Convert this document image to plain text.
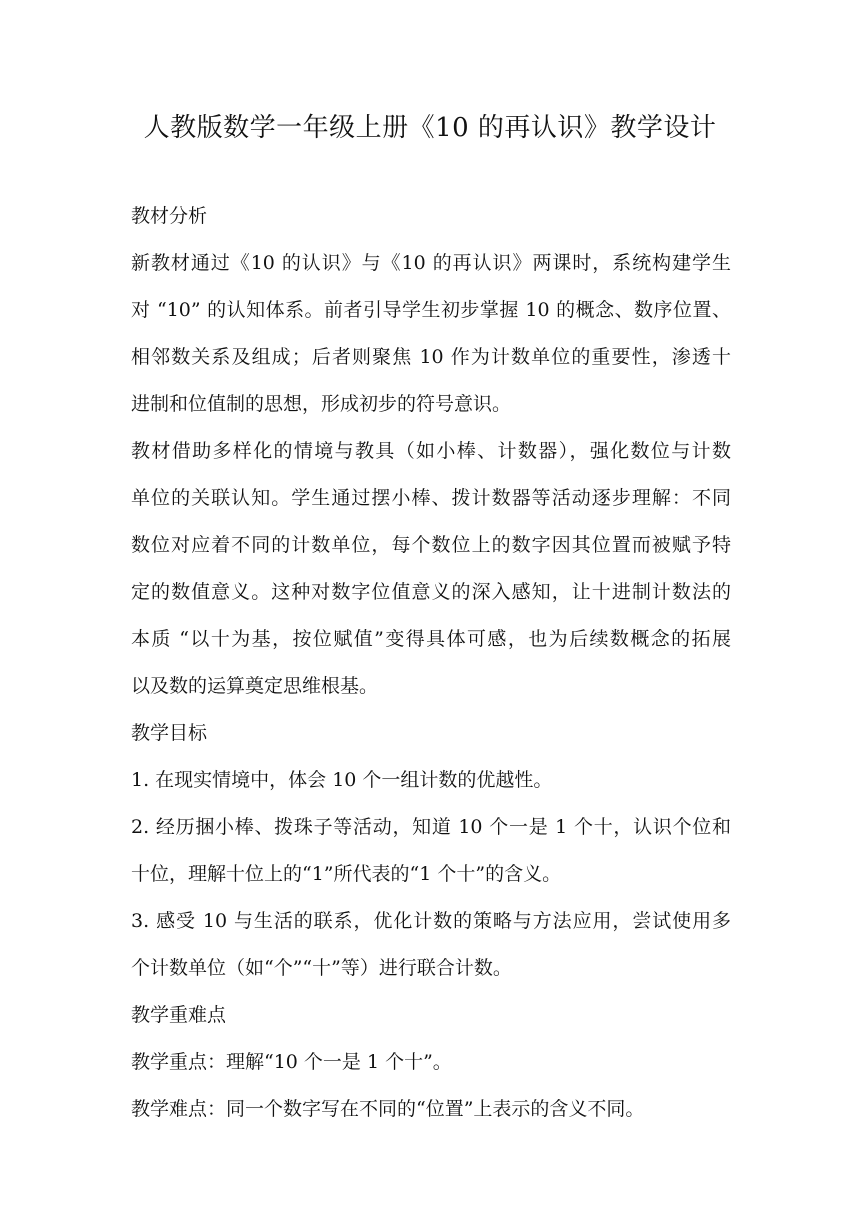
人教版数学一年级上册《10 的再认识》教学设计
教材分析
新教材通过《10 的认识》与《10 的再认识》两课时，系统构建学生
对 “10” 的认知体系。前者引导学生初步掌握 10 的概念、数序位置、
相邻数关系及组成；后者则聚焦 10 作为计数单位的重要性，渗透十
进制和位值制的思想，形成初步的符号意识。
教材借助多样化的情境与教具（如小棒、计数器），强化数位与计数
单位的关联认知。学生通过摆小棒、拨计数器等活动逐步理解：不同
数位对应着不同的计数单位，每个数位上的数字因其位置而被赋予特
定的数值意义。这种对数字位值意义的深入感知，让十进制计数法的
本质 “以十为基，按位赋值”变得具体可感，也为后续数概念的拓展
以及数的运算奠定思维根基。
教学目标
1. 在现实情境中，体会 10 个一组计数的优越性。
2. 经历捆小棒、拨珠子等活动，知道 10 个一是 1 个十，认识个位和
十位，理解十位上的“1”所代表的“1 个十”的含义。
3. 感受 10 与生活的联系，优化计数的策略与方法应用，尝试使用多
个计数单位（如“个”“十”等）进行联合计数。
教学重难点
教学重点：理解“10 个一是 1 个十”。
教学难点：同一个数字写在不同的“位置”上表示的含义不同。
